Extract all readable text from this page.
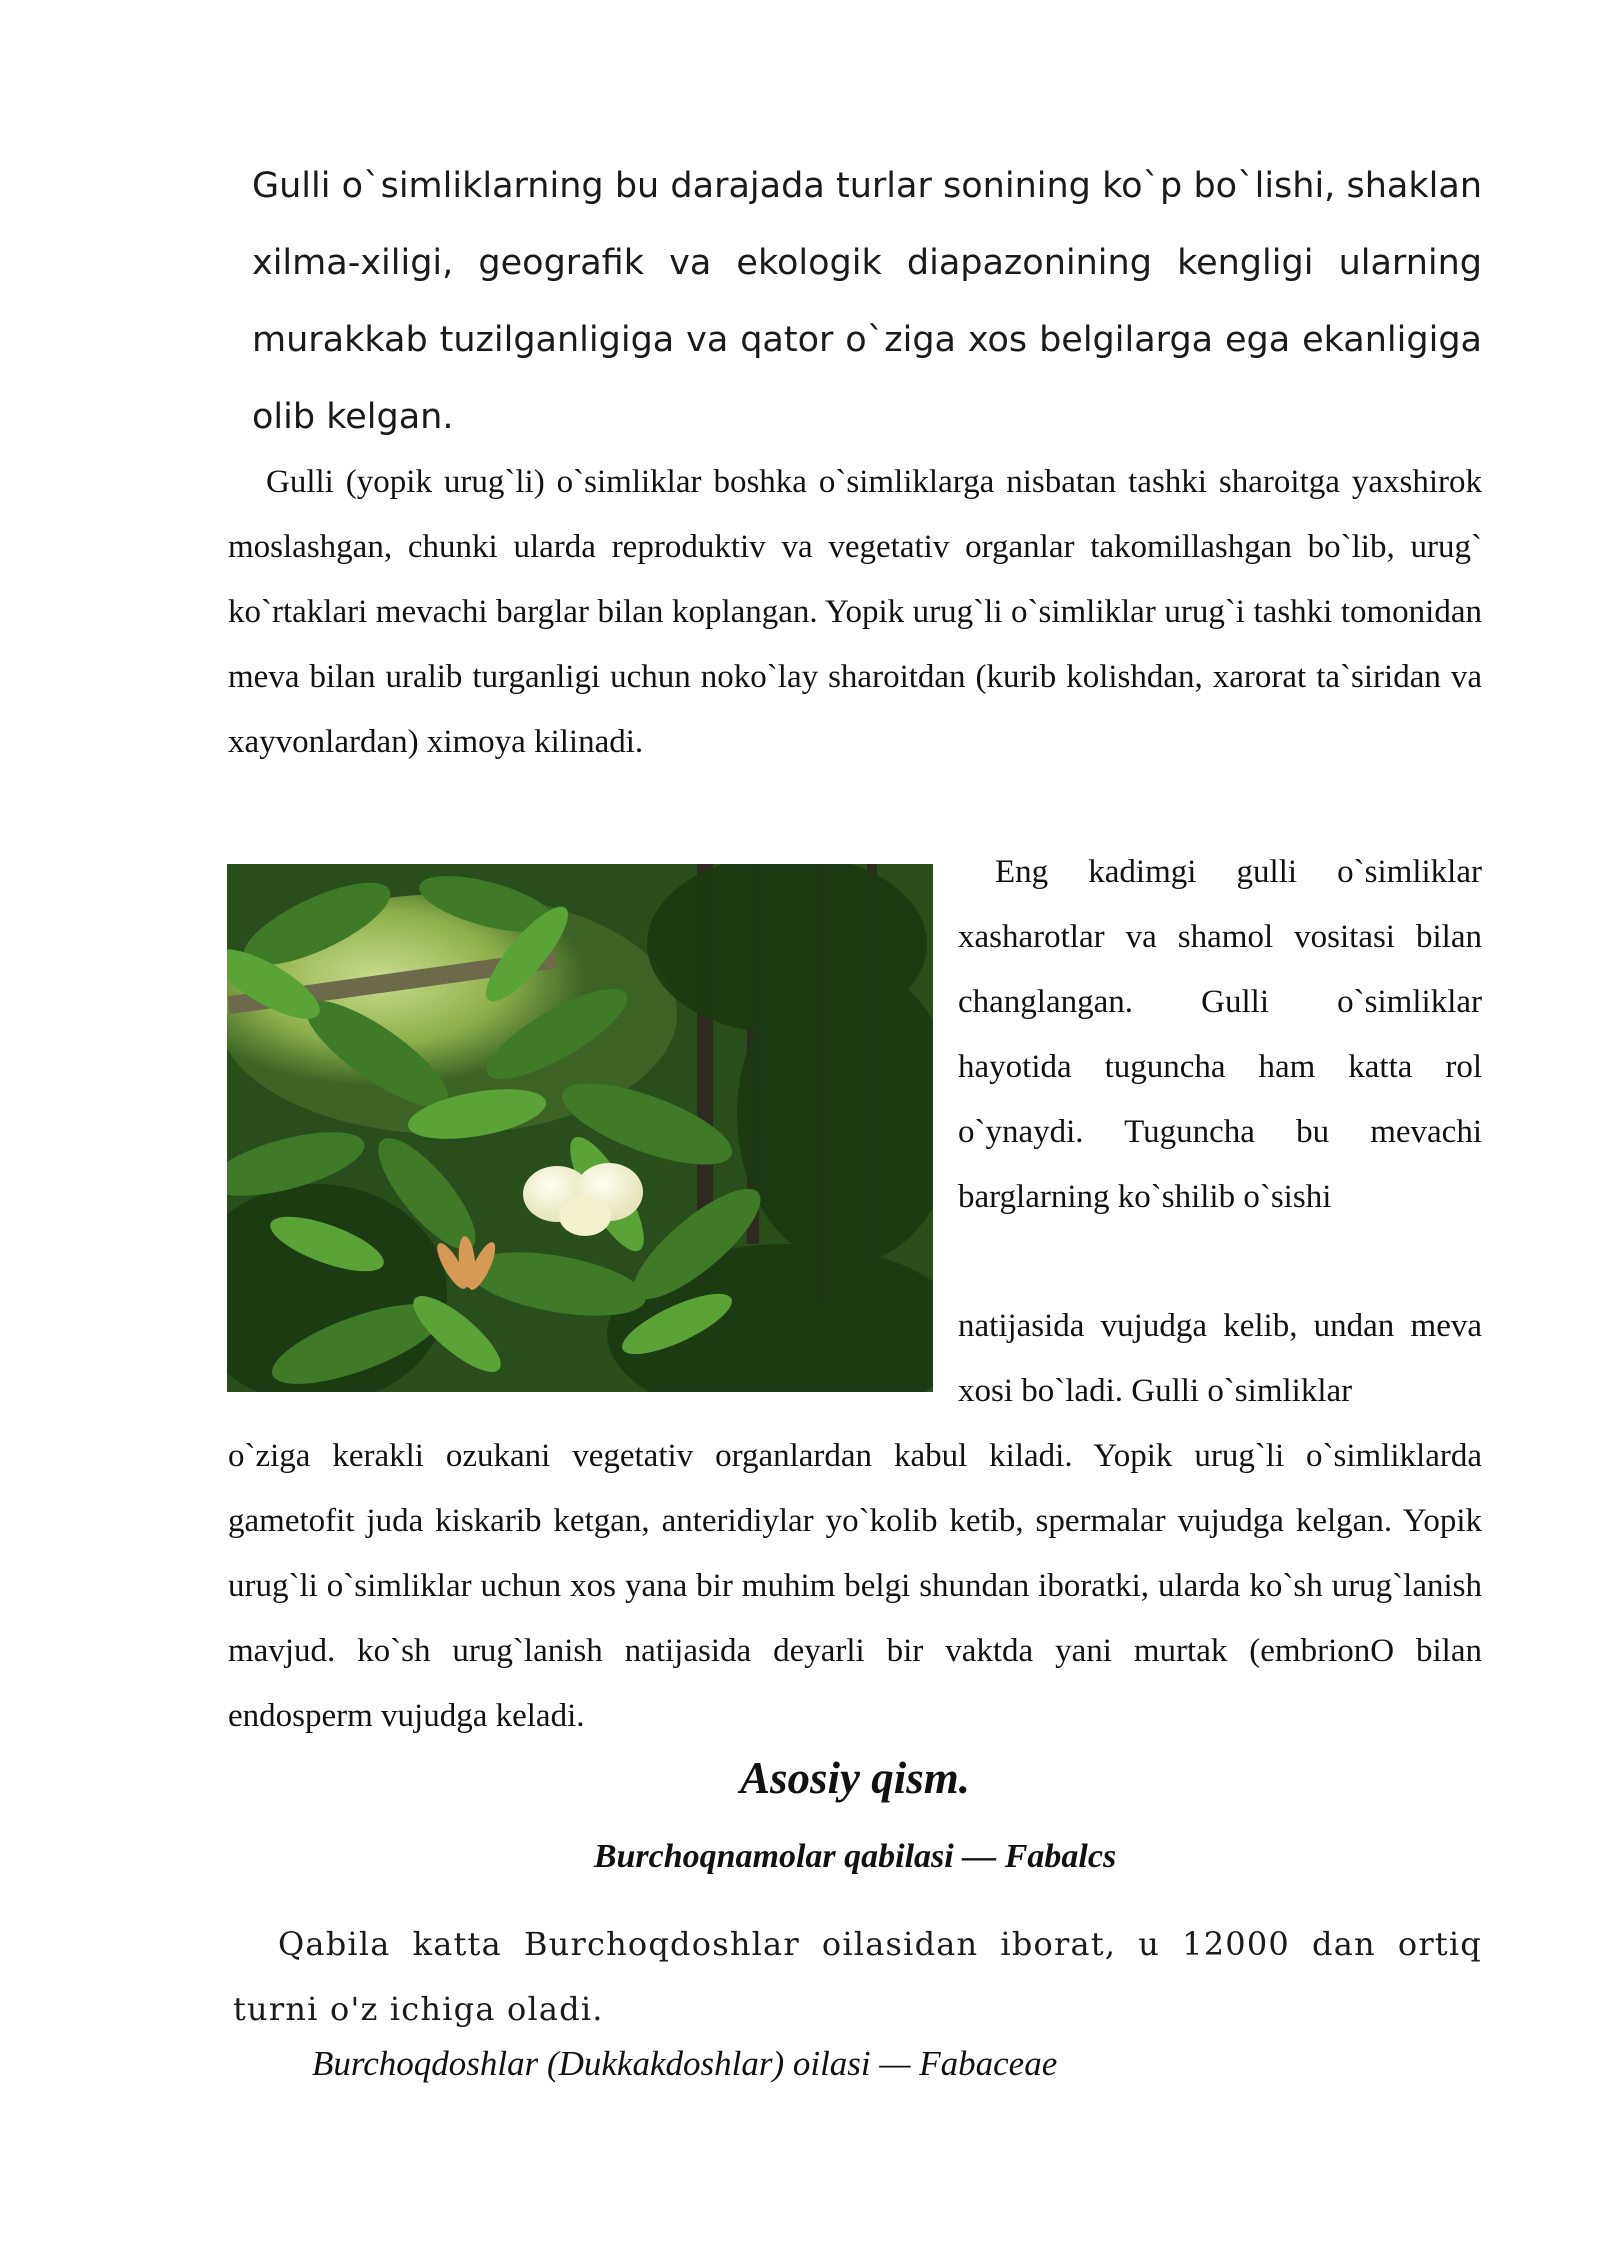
Gulli o`simliklarning bu darajada turlar sonining ko`p bo`lishi, shaklan xilma-xiligi, geografik va ekologik diapazonining kengligi ularning murakkab tuzilganligiga va qator o`ziga xos belgilarga ega ekanligiga olib kelgan.

Gulli (yopik urug`li) o`simliklar boshka o`simliklarga nisbatan tashki sharoitga yaxshirok moslashgan, chunki ularda reproduktiv va vegetativ organlar takomillashgan bo`lib, urug` ko`rtaklari mevachi barglar bilan koplangan. Yopik urug`li o`simliklar urug`i tashki tomonidan meva bilan uralib turganligi uchun noko`lay sharoitdan (kurib kolishdan, xarorat ta`siridan va xayvonlardan) ximoya kilinadi.

Eng kadimgi gulli o`simliklar xasharotlar va shamol vositasi bilan changlangan. Gulli o`simliklar hayotida tuguncha ham katta rol o`ynaydi. Tuguncha bu mevachi barglarning ko`shilib o`sishi

natijasida vujudga kelib, undan meva xosi bo`ladi. Gulli o`simliklar

o`ziga kerakli ozukani vegetativ organlardan kabul kiladi. Yopik urug`li o`simliklarda gametofit juda kiskarib ketgan, anteridiylar yo`kolib ketib, spermalar vujudga kelgan. Yopik urug`li o`simliklar uchun xos yana bir muhim belgi shundan iboratki, ularda ko`sh urug`lanish mavjud. ko`sh urug`lanish natijasida deyarli bir vaktda yani murtak (embrionO bilan endosperm vujudga keladi.

Asosiy qism.
Burchoqnamolar qabilasi — Fabalcs

Qabila katta Burchoqdoshlar oilasidan iborat, u 12000 dan ortiq turni o'z ichiga oladi.

Burchoqdoshlar (Dukkakdoshlar) oilasi — Fabaceae
